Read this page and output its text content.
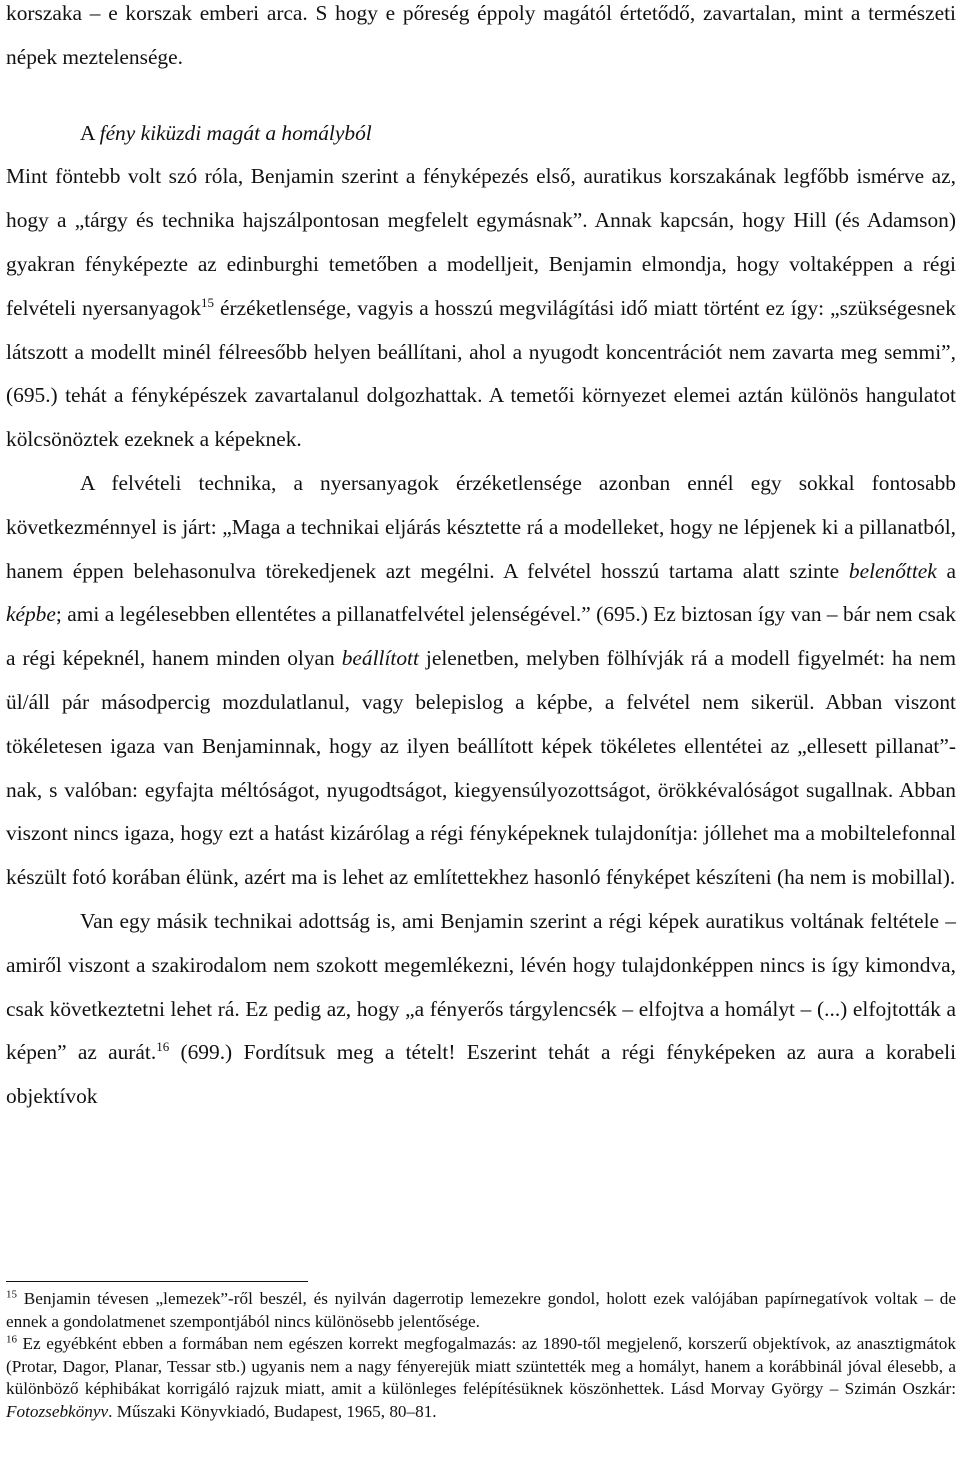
korszaka – e korszak emberi arca. S hogy e pőreség éppoly magától értetődő, zavartalan, mint a természeti népek meztelensége.

A fény kiküzdi magát a homályból

Mint föntebb volt szó róla, Benjamin szerint a fényképezés első, auratikus korszakának legfőbb ismérve az, hogy a „tárgy és technika hajszálpontosan megfelelt egymásnak”. Annak kapcsán, hogy Hill (és Adamson) gyakran fényképezte az edinburghi temetőben a modelljeit, Benjamin elmondja, hogy voltaképpen a régi felvételi nyersanyagok$^{15}$ érzéketlensége, vagyis a hosszú megvilágítási idő miatt történt ez így: „szükségesnek látszott a modellt minél félreesőbb helyen beállítani, ahol a nyugodt koncentrációt nem zavarta meg semmi”, (695.) tehát a fényképészek zavartalanul dolgozhattak. A temetői környezet elemei aztán különös hangulatot kölcsönöztek ezeknek a képeknek.

A felvételi technika, a nyersanyagok érzéketlensége azonban ennél egy sokkal fontosabb következménnyel is járt: „Maga a technikai eljárás késztette rá a modelleket, hogy ne lépjenek ki a pillanatból, hanem éppen belehasonulva törekedjenek azt megélni. A felvétel hosszú tartama alatt szinte belenőttek a képbe; ami a legélesebben ellentétes a pillanatfelvétel jelenségével.” (695.) Ez biztosan így van – bár nem csak a régi képeknél, hanem minden olyan beállított jelenetben, melyben fölhívják rá a modell figyelmét: ha nem ül/áll pár másodpercig mozdulatlanul, vagy belepislog a képbe, a felvétel nem sikerül. Abban viszont tökéletesen igaza van Benjaminnak, hogy az ilyen beállított képek tökéletes ellentétei az „ellesett pillanat”-nak, s valóban: egyfajta méltóságot, nyugodtságot, kiegyensúlyozottságot, örökkévalóságot sugallnak. Abban viszont nincs igaza, hogy ezt a hatást kizárólag a régi fényképeknek tulajdonítja: jóllehet ma a mobiltelefonnal készült fotó korában élünk, azért ma is lehet az említettekhez hasonló fényképet készíteni (ha nem is mobillal).

Van egy másik technikai adottság is, ami Benjamin szerint a régi képek auratikus voltának feltétele – amiről viszont a szakirodalom nem szokott megemlékezni, lévén hogy tulajdonképpen nincs is így kimondva, csak következtetni lehet rá. Ez pedig az, hogy „a fényerős tárgylencsék – elfojtva a homályt – (...) elfojtották a képen” az aurát.$^{16}$ (699.) Fordítsuk meg a tételt! Eszerint tehát a régi fényképeken az aura a korabeli objektívok

$^{15}$ Benjamin tévesen „lemezek”-ről beszél, és nyilván dagerrotip lemezekre gondol, holott ezek valójában papírnegatívok voltak – de ennek a gondolatmenet szempontjából nincs különösebb jelentősége.

$^{16}$ Ez egyébként ebben a formában nem egészen korrekt megfogalmazás: az 1890-től megjelenő, korszerű objektívok, az anasztigmátok (Protar, Dagor, Planar, Tessar stb.) ugyanis nem a nagy fényerejük miatt szüntették meg a homályt, hanem a korábbinál jóval élesebb, a különböző képhibákat korrigáló rajzuk miatt, amit a különleges felépítésüknek köszönhettek. Lásd Morvay György – Szimán Oszkár: Fotozsebkönyv. Műszaki Könyvkiadó, Budapest, 1965, 80–81.
